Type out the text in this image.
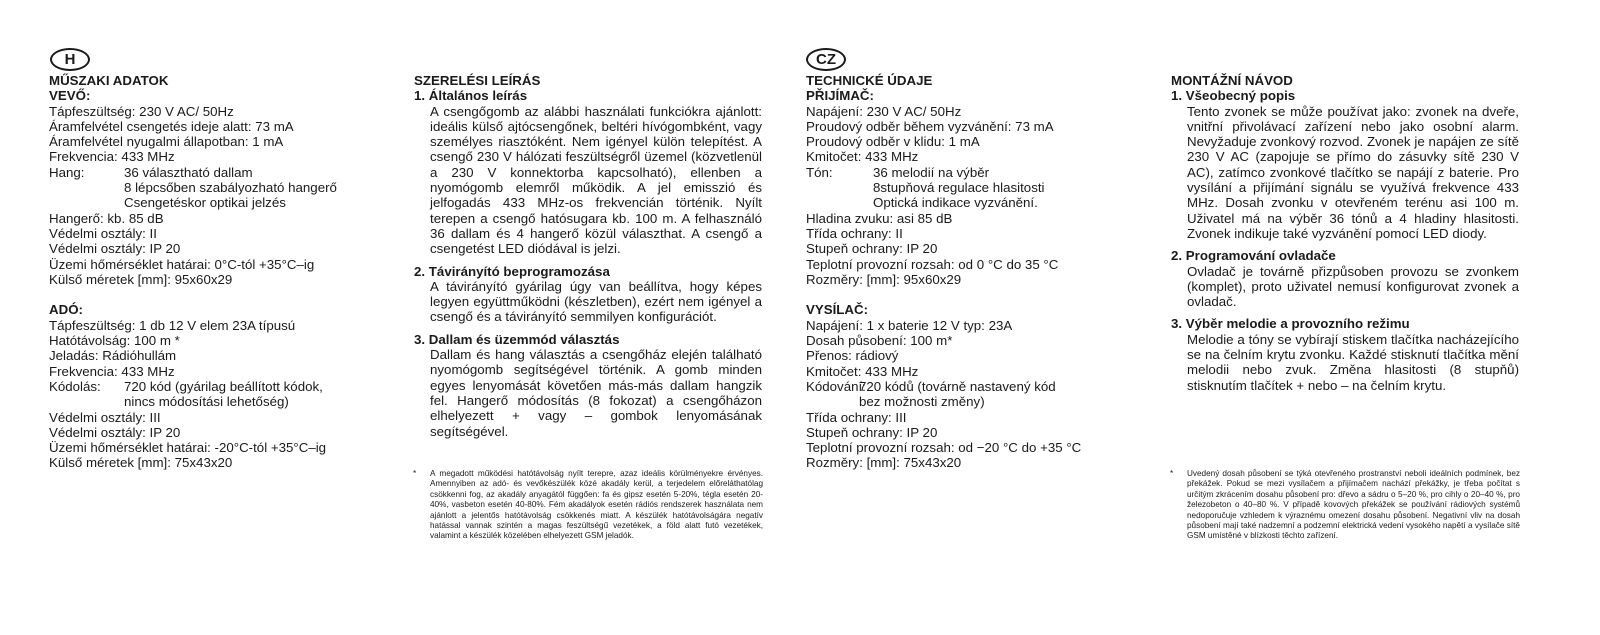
H
MŰSZAKI ADATOK
VEVŐ:
Tápfeszültség: 230 V AC/ 50Hz
Áramfelvétel csengetés ideje alatt: 73 mA
Áramfelvétel nyugalmi állapotban: 1 mA
Frekvencia: 433 MHz
Hang:	36 választható dallam
8 lépcsőben szabályozható hangerő
Csengetéskor optikai jelzés
Hangerő: kb. 85 dB
Védelmi osztály: II
Védelmi osztály: IP 20
Üzemi hőmérséklet határai: 0°C-tól +35°C–ig
Külső méretek [mm]: 95x60x29
ADÓ:
Tápfeszültség: 1 db 12 V elem 23A típusú
Hatótávolság: 100 m *
Jeladás: Rádióhullám
Frekvencia: 433 MHz
Kódolás: 720 kód (gyárilag beállított kódok,
nincs módosítási lehetőség)
Védelmi osztály: III
Védelmi osztály: IP 20
Üzemi hőmérséklet határai: -20°C-tól +35°C–ig
Külső méretek [mm]: 75x43x20
SZERELÉSI LEÍRÁS
1. Általános leírás
A csengőgomb az alábbi használati funkciókra ajánlott: ideális külső ajtócsengőnek, beltéri hívógombként, vagy személyes riasztóként. Nem igényel külön telepítést. A csengő 230 V hálózati feszültségről üzemel (közvetlenül a 230 V konnektorba kapcsolható), ellenben a nyomógomb elemről működik. A jel emisszió és jelfogadás 433 MHz-os frekvencián történik. Nyílt terepen a csengő hatósugara kb. 100 m. A felhasználó 36 dallam és 4 hangerő közül választhat. A csengő a csengetést LED diódával is jelzi.
2. Távirányító beprogramozása
A távirányító gyárilag úgy van beállítva, hogy képes legyen együttműködni (készletben), ezért nem igényel a csengő és a távirányító semmilyen konfigurációt.
3. Dallam és üzemmód választás
Dallam és hang választás a csengőház elején található nyomógomb segítségével történik. A gomb minden egyes lenyomását követően más-más dallam hangzik fel. Hangerő módosítás (8 fokozat) a csengőházon elhelyezett + vagy – gombok lenyomásának segítségével.
* A megadott működési hatótávolság nyílt terepre, azaz ideális körülményekre érvényes. Amennyiben az adó- és vevőkészülék közé akadály kerül, a terjedelem előreláthatólag csökkenni fog, az akadály anyagától függően: fa és gipsz esetén 5-20%, tégla esetén 20-40%, vasbeton esetén 40-80%. Fém akadályok esetén rádiós rendszerek használata nem ajánlott a jelentős hatótávolság csökkenés miatt. A készülék hatótávolságára negatív hatással vannak szintén a magas feszültségű vezetékek, a föld alatt futó vezetékek, valamint a készülék közelében elhelyezett GSM jeladók.
CZ
TECHNICKÉ ÚDAJE
PŘIJÍMAČ:
Napájení: 230 V AC/ 50Hz
Proudový odběr během vyzvánění: 73 mA
Proudový odběr v klidu: 1 mA
Kmitočet: 433 MHz
Tón:	36 melodií na výběr
8stupňová regulace hlasitosti
Optická indikace vyzvánění.
Hladina zvuku: asi 85 dB
Třída ochrany: II
Stupeň ochrany: IP 20
Teplotní provozní rozsah: od 0 °C do 35 °C
Rozměry: [mm]: 95x60x29
VYSÍLAČ:
Napájení: 1 x baterie 12 V typ: 23A
Dosah působení: 100 m*
Přenos: rádiový
Kmitočet: 433 MHz
Kódování:720 kódů (továrně nastavený kód
bez možnosti změny)
Třída ochrany: III
Stupeň ochrany: IP 20
Teplotní provozní rozsah: od −20 °C do +35 °C
Rozměry: [mm]: 75x43x20
MONTÁŽNÍ NÁVOD
1. Všeobecný popis
Tento zvonek se může používat jako: zvonek na dveře, vnitřní přivolávací zařízení nebo jako osobní alarm. Nevyžaduje zvonkový rozvod. Zvonek je napájen ze sítě 230 V AC (zapojuje se přímo do zásuvky sítě 230 V AC), zatímco zvonkové tlačítko se napájí z baterie. Pro vysílání a přijímání signálu se využívá frekvence 433 MHz. Dosah zvonku v otevřeném terénu asi 100 m. Uživatel má na výběr 36 tónů a 4 hladiny hlasitosti. Zvonek indikuje také vyzvánění pomocí LED diody.
2. Programování ovladače
Ovladač je továrně přizpůsoben provozu se zvonkem (komplet), proto uživatel nemusí konfigurovat zvonek a ovladač.
3. Výběr melodie a provozního režimu
Melodie a tóny se vybírají stiskem tlačítka nacházejícího se na čelním krytu zvonku. Každé stisknutí tlačítka mění melodii nebo zvuk. Změna hlasitosti (8 stupňů) stisknutím tlačítek + nebo – na čelním krytu.
* Uvedený dosah působení se týká otevřeného prostranství neboli ideálních podmínek, bez překážek. Pokud se mezi vysílačem a přijímačem nachází překážky, je třeba počítat s určitým zkrácením dosahu působení pro: dřevo a sádru o 5–20 %, pro cihly o 20–40 %, pro železobeton o 40–80 %. V případě kovových překážek se používání rádiových systémů nedoporučuje vzhledem k výraznému omezení dosahu působení. Negativní vliv na dosah působení mají také nadzemní a podzemní elektrická vedení vysokého napětí a vysílače sítě GSM umístěné v blízkosti těchto zařízení.
